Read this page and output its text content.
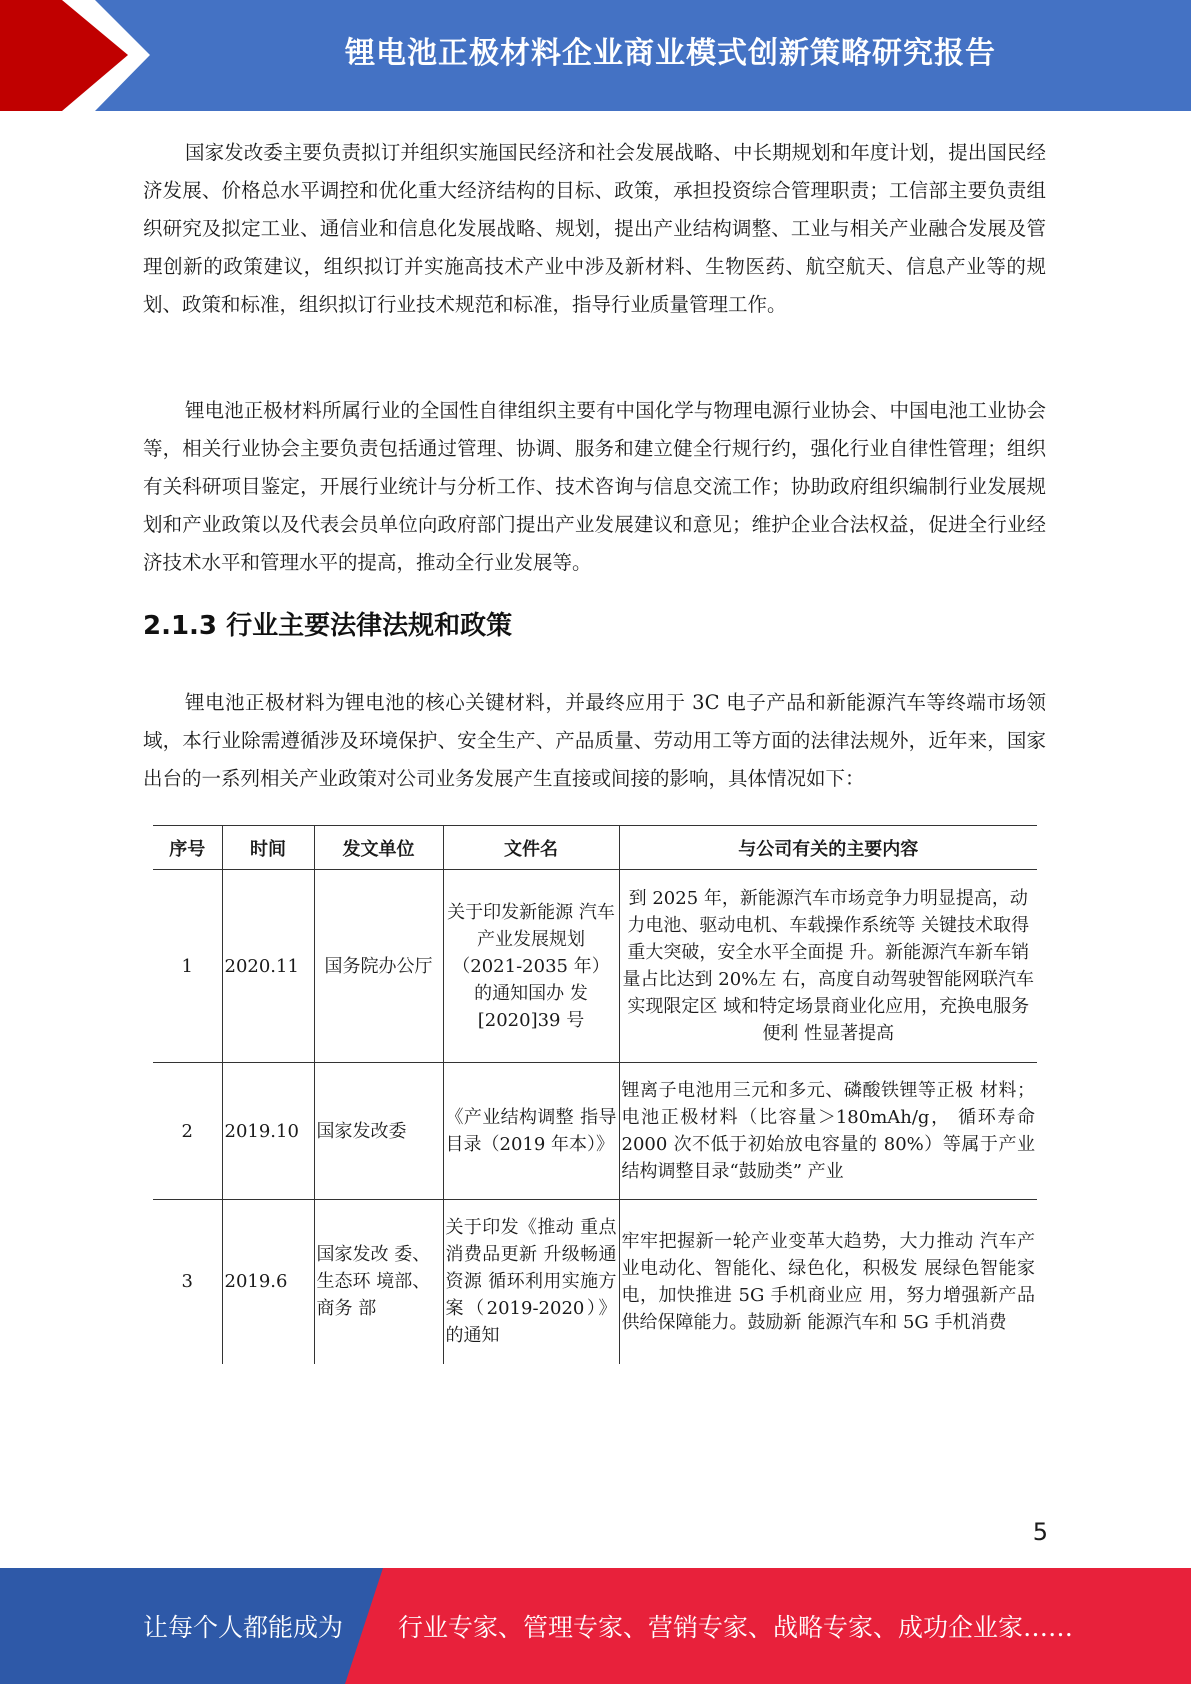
锂电池正极材料企业商业模式创新策略研究报告

国家发改委主要负责拟订并组织实施国民经济和社会发展战略、中长期规划和年度计划，提出国民经济发展、价格总水平调控和优化重大经济结构的目标、政策，承担投资综合管理职责；工信部主要负责组织研究及拟定工业、通信业和信息化发展战略、规划，提出产业结构调整、工业与相关产业融合发展及管理创新的政策建议，组织拟订并实施高技术产业中涉及新材料、生物医药、航空航天、信息产业等的规划、政策和标准，组织拟订行业技术规范和标准，指导行业质量管理工作。

锂电池正极材料所属行业的全国性自律组织主要有中国化学与物理电源行业协会、中国电池工业协会等，相关行业协会主要负责包括通过管理、协调、服务和建立健全行规行约，强化行业自律性管理；组织有关科研项目鉴定，开展行业统计与分析工作、技术咨询与信息交流工作；协助政府组织编制行业发展规划和产业政策以及代表会员单位向政府部门提出产业发展建议和意见；维护企业合法权益，促进全行业经济技术水平和管理水平的提高，推动全行业发展等。

2.1.3 行业主要法律法规和政策

锂电池正极材料为锂电池的核心关键材料，并最终应用于 3C 电子产品和新能源汽车等终端市场领域，本行业除需遵循涉及环境保护、安全生产、产品质量、劳动用工等方面的法律法规外，近年来，国家出台的一系列相关产业政策对公司业务发展产生直接或间接的影响，具体情况如下：

序号	时间	发文单位	文件名	与公司有关的主要内容
1	2020.11	国务院办公厅	关于印发新能源 汽车产业发展规划（2021-2035 年）的通知国办 发[2020]39 号	到 2025 年，新能源汽车市场竞争力明显提高，动力电池、驱动电机、车载操作系统等 关键技术取得重大突破，安全水平全面提 升。新能源汽车新车销量占比达到 20%左 右，高度自动驾驶智能网联汽车实现限定区 域和特定场景商业化应用，充换电服务便利 性显著提高
2	2019.10	国家发改委	《产业结构调整 指导目录（2019 年本）》	锂离子电池用三元和多元、磷酸铁锂等正极 材料；电池正极材料（比容量＞180mAh/g， 循环寿命 2000 次不低于初始放电容量的 80%）等属于产业结构调整目录“鼓励类” 产业
3	2019.6	国家发改 委、生态环 境部、商务 部	关于印发《推动 重点消费品更新 升级畅通资源 循环利用实施方 案（2019-2020）》 的通知	牢牢把握新一轮产业变革大趋势，大力推动 汽车产业电动化、智能化、绿色化，积极发 展绿色智能家电，加快推进 5G 手机商业应 用，努力增强新产品供给保障能力。鼓励新 能源汽车和 5G 手机消费
5
让每个人都能成为 行业专家、管理专家、营销专家、战略专家、成功企业家……
